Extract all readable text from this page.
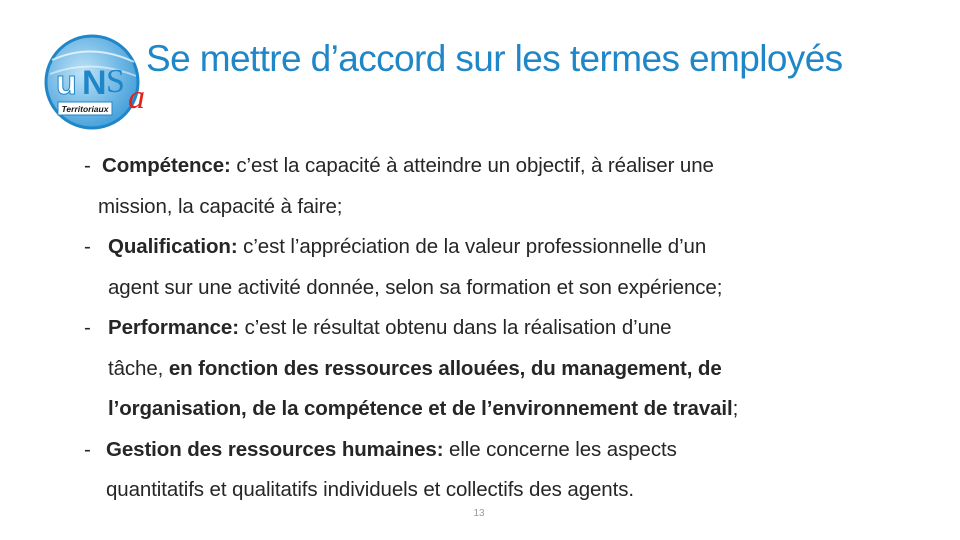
u N S a
Territoriaux
Se mettre d’accord sur les termes employés
- Compétence: c’est la capacité à atteindre un objectif, à réaliser une
mission, la capacité à faire;
- Qualification: c’est l’appréciation de la valeur professionnelle d’un
agent sur une activité donnée, selon sa formation et son expérience;
- Performance: c’est le résultat obtenu dans la réalisation d’une
tâche, en fonction des ressources allouées, du management, de
l’organisation, de la compétence et de l’environnement de travail;
- Gestion des ressources humaines: elle concerne les aspects
quantitatifs et qualitatifs individuels et collectifs des agents.
13
